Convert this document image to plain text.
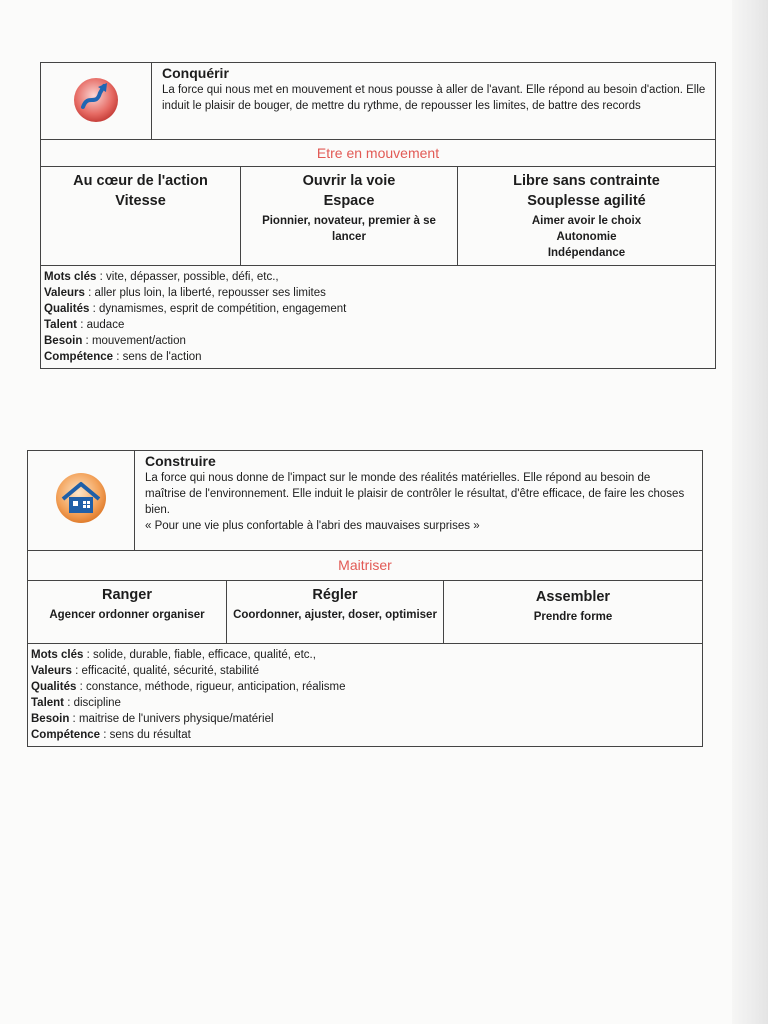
Conquérir
La force qui nous met en mouvement et nous pousse à aller de l'avant. Elle répond au besoin d'action. Elle induit le plaisir de bouger, de mettre du rythme, de repousser les limites, de battre des records
Etre en mouvement
Au cœur de l'action
Vitesse

Ouvrir la voie
Espace
Pionnier, novateur, premier à se lancer

Libre sans contrainte
Souplesse agilité
Aimer avoir le choix
Autonomie
Indépendance
Mots clés : vite, dépasser, possible, défi, etc.,
Valeurs : aller plus loin, la liberté, repousser ses limites
Qualités : dynamismes, esprit de compétition, engagement
Talent : audace
Besoin : mouvement/action
Compétence : sens de l'action

Construire
La force qui nous donne de l'impact sur le monde des réalités matérielles. Elle répond au besoin de maîtrise de l'environnement. Elle induit le plaisir de contrôler le résultat, d'être efficace, de faire les choses bien.
« Pour une vie plus confortable à l'abri des mauvaises surprises »
Maitriser
Ranger
Agencer ordonner organiser

Régler
Coordonner, ajuster, doser, optimiser

Assembler
Prendre forme
Mots clés : solide, durable, fiable, efficace, qualité, etc.,
Valeurs : efficacité, qualité, sécurité, stabilité
Qualités : constance, méthode, rigueur, anticipation, réalisme
Talent : discipline
Besoin : maitrise de l'univers physique/matériel
Compétence : sens du résultat
